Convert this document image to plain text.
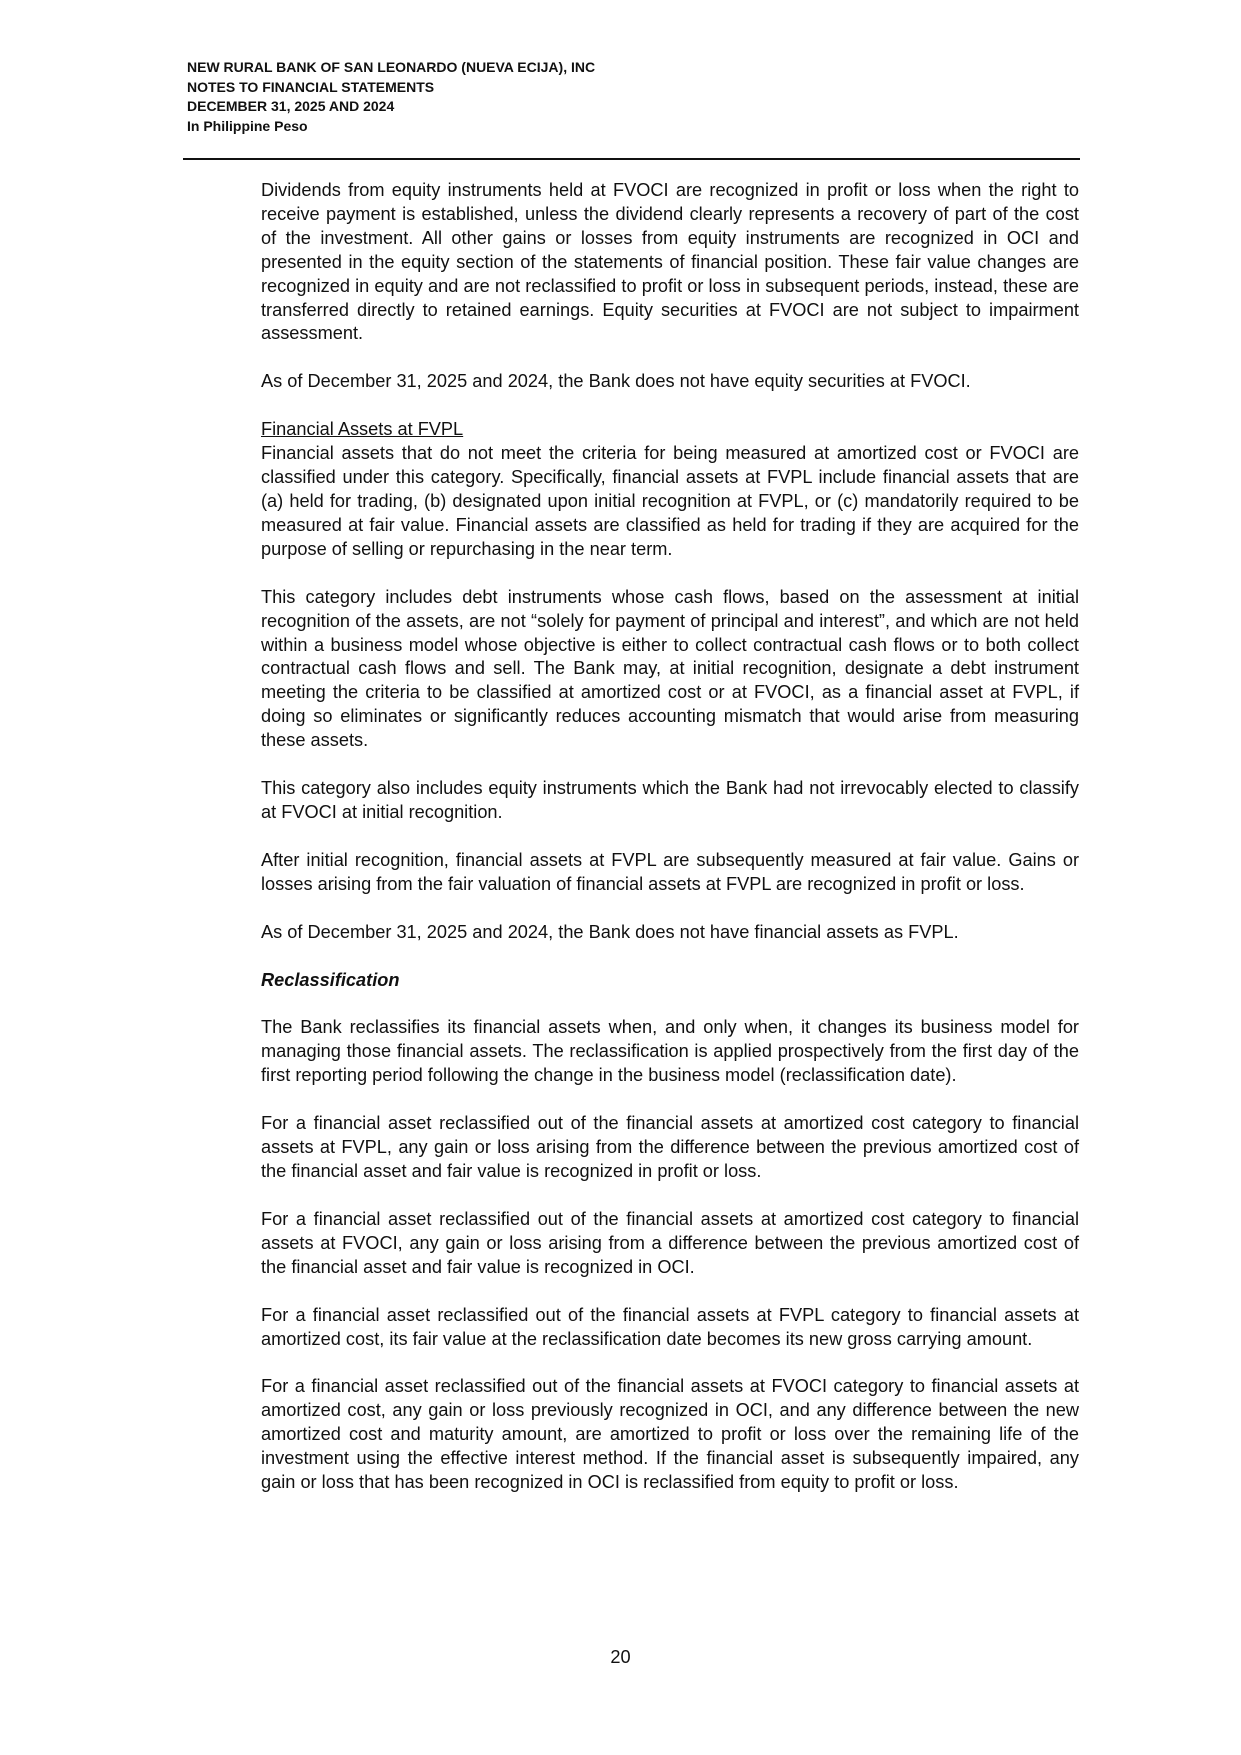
NEW RURAL BANK OF SAN LEONARDO (NUEVA ECIJA), INC
NOTES TO FINANCIAL STATEMENTS
DECEMBER 31, 2025 AND 2024
In Philippine Peso

Dividends from equity instruments held at FVOCI are recognized in profit or loss when the right to receive payment is established, unless the dividend clearly represents a recovery of part of the cost of the investment. All other gains or losses from equity instruments are recognized in OCI and presented in the equity section of the statements of financial position. These fair value changes are recognized in equity and are not reclassified to profit or loss in subsequent periods, instead, these are transferred directly to retained earnings. Equity securities at FVOCI are not subject to impairment assessment.

As of December 31, 2025 and 2024, the Bank does not have equity securities at FVOCI.

Financial Assets at FVPL

Financial assets that do not meet the criteria for being measured at amortized cost or FVOCI are classified under this category. Specifically, financial assets at FVPL include financial assets that are (a) held for trading, (b) designated upon initial recognition at FVPL, or (c) mandatorily required to be measured at fair value. Financial assets are classified as held for trading if they are acquired for the purpose of selling or repurchasing in the near term.

This category includes debt instruments whose cash flows, based on the assessment at initial recognition of the assets, are not “solely for payment of principal and interest”, and which are not held within a business model whose objective is either to collect contractual cash flows or to both collect contractual cash flows and sell. The Bank may, at initial recognition, designate a debt instrument meeting the criteria to be classified at amortized cost or at FVOCI, as a financial asset at FVPL, if doing so eliminates or significantly reduces accounting mismatch that would arise from measuring these assets.

This category also includes equity instruments which the Bank had not irrevocably elected to classify at FVOCI at initial recognition.

After initial recognition, financial assets at FVPL are subsequently measured at fair value. Gains or losses arising from the fair valuation of financial assets at FVPL are recognized in profit or loss.

As of December 31, 2025 and 2024, the Bank does not have financial assets as FVPL.

Reclassification

The Bank reclassifies its financial assets when, and only when, it changes its business model for managing those financial assets. The reclassification is applied prospectively from the first day of the first reporting period following the change in the business model (reclassification date).

For a financial asset reclassified out of the financial assets at amortized cost category to financial assets at FVPL, any gain or loss arising from the difference between the previous amortized cost of the financial asset and fair value is recognized in profit or loss.

For a financial asset reclassified out of the financial assets at amortized cost category to financial assets at FVOCI, any gain or loss arising from a difference between the previous amortized cost of the financial asset and fair value is recognized in OCI.

For a financial asset reclassified out of the financial assets at FVPL category to financial assets at amortized cost, its fair value at the reclassification date becomes its new gross carrying amount.

For a financial asset reclassified out of the financial assets at FVOCI category to financial assets at amortized cost, any gain or loss previously recognized in OCI, and any difference between the new amortized cost and maturity amount, are amortized to profit or loss over the remaining life of the investment using the effective interest method. If the financial asset is subsequently impaired, any gain or loss that has been recognized in OCI is reclassified from equity to profit or loss.

20
